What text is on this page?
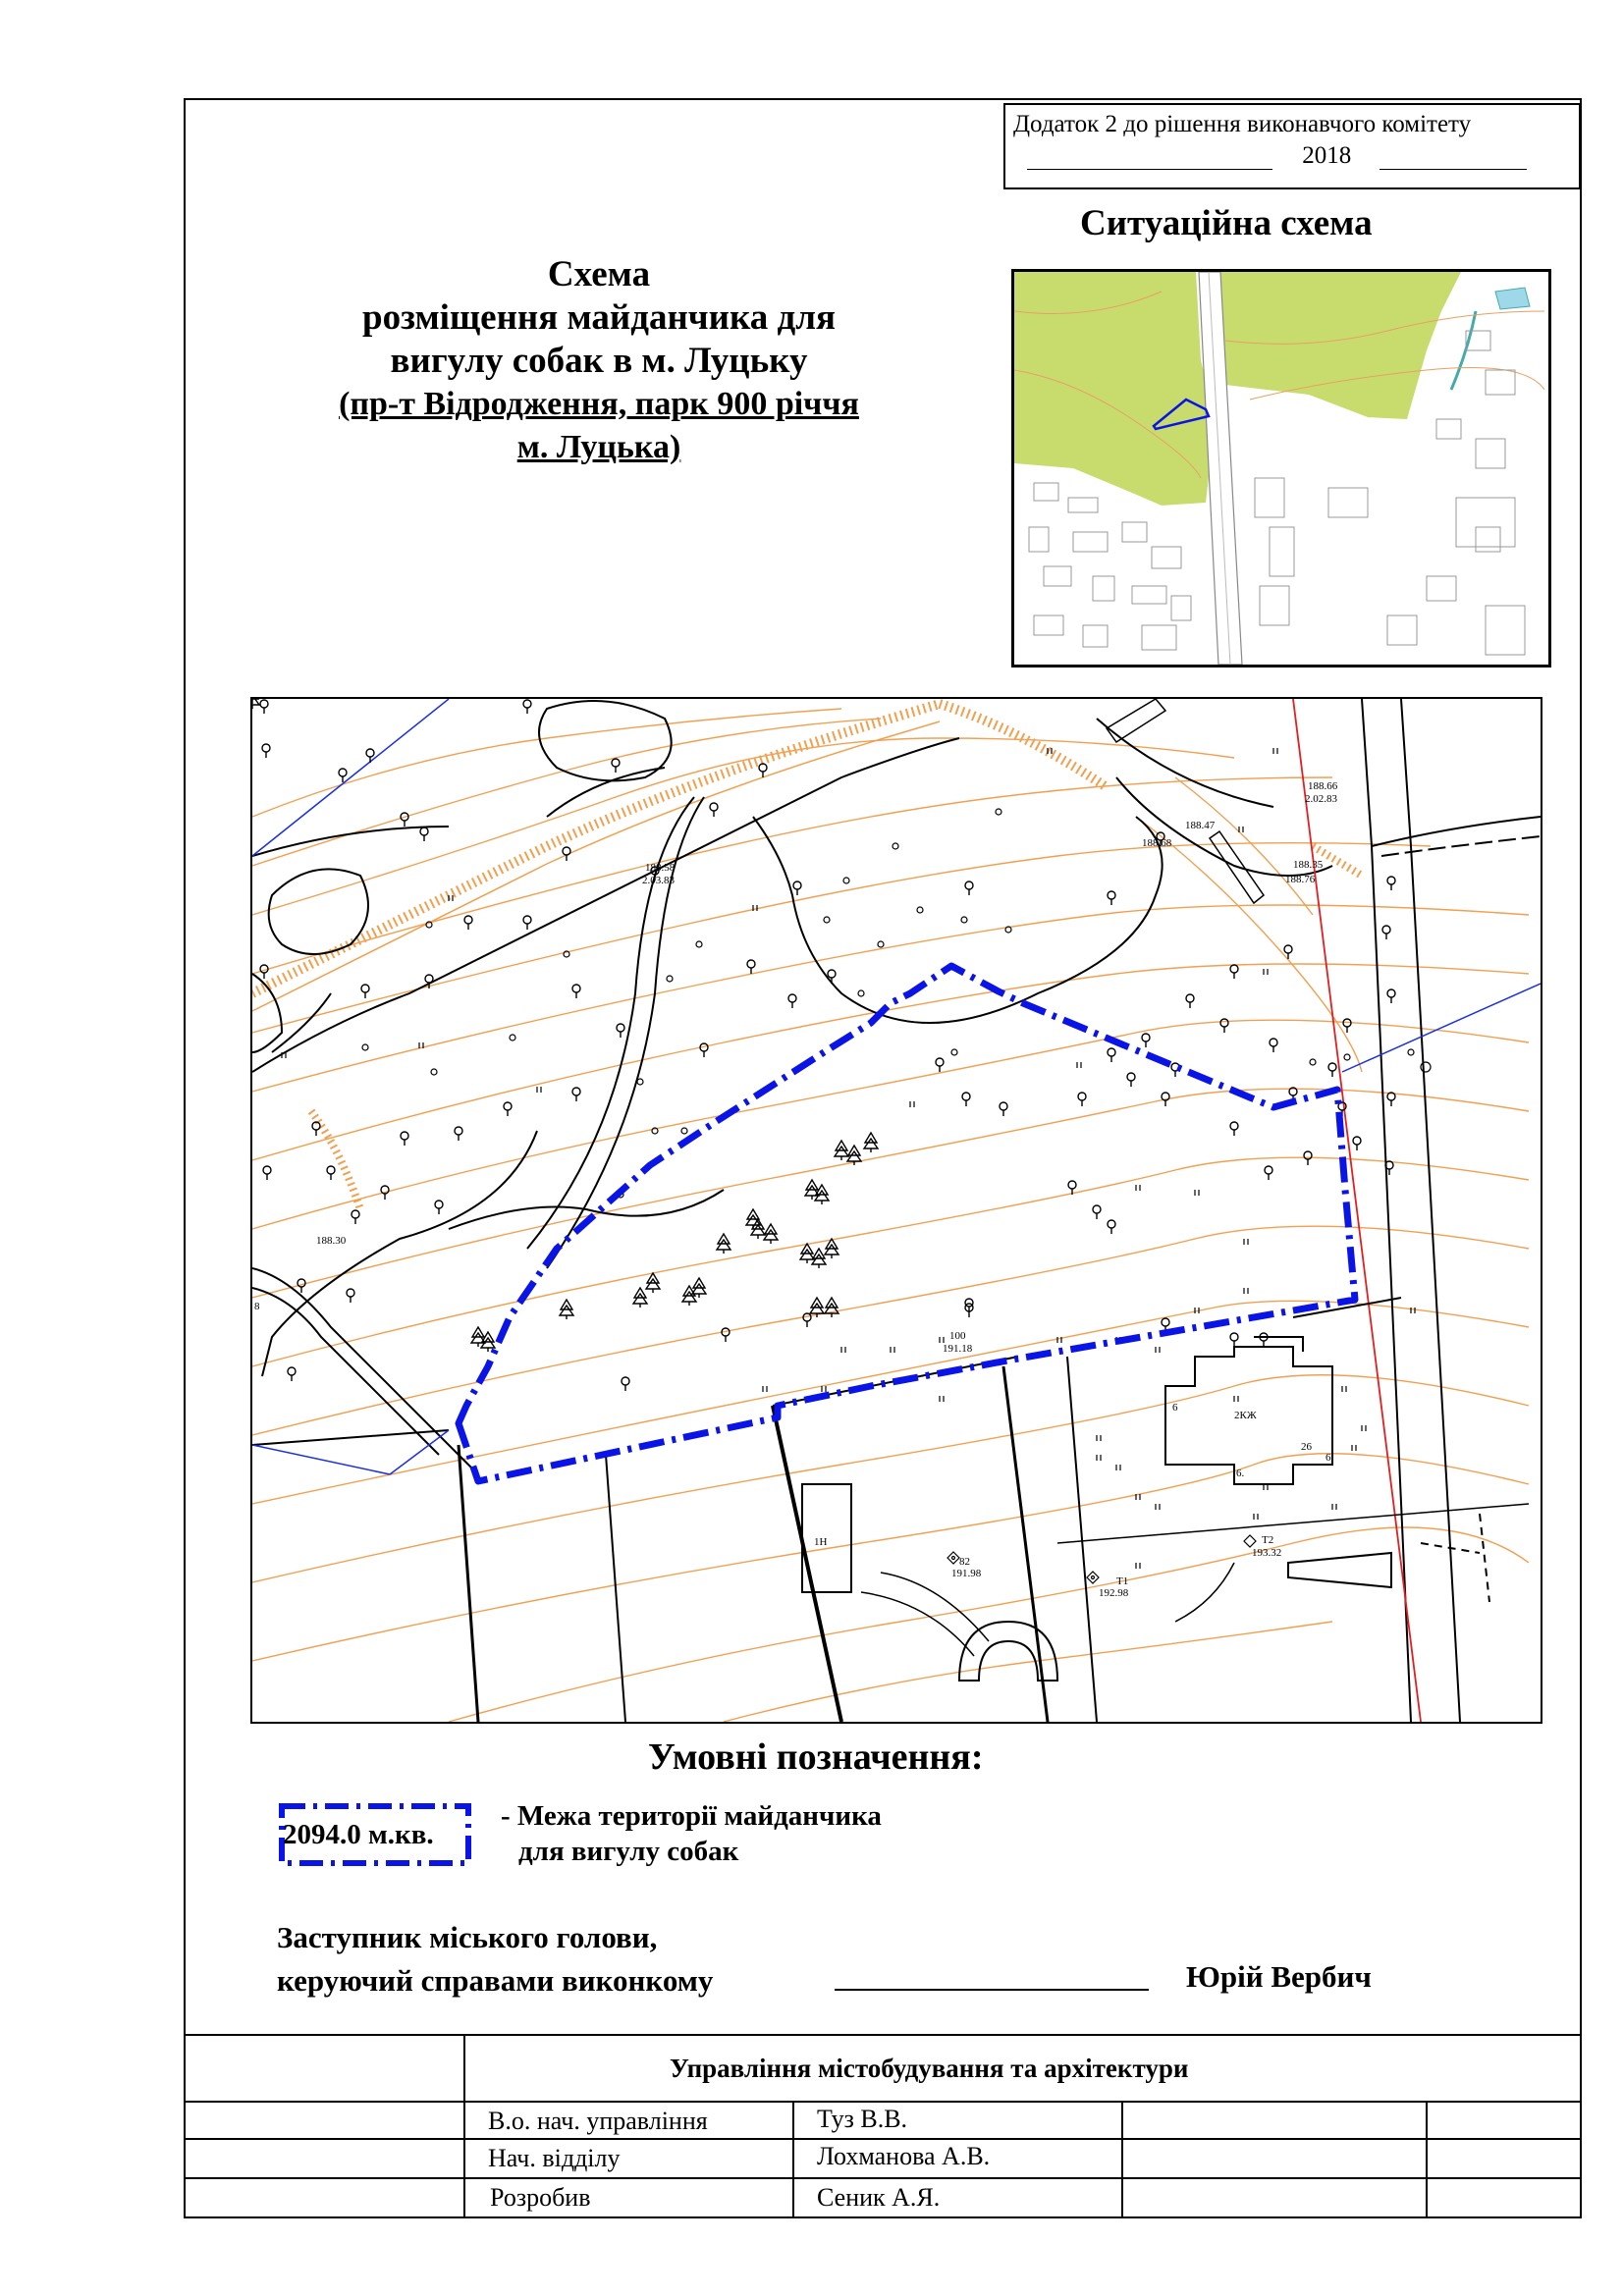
Додаток 2 до рішення виконавчого комітету
2018
Ситуаційна схема
Схема
розміщення майданчика для
вигулу собак в м. Луцьку
(пр-т Відродження, парк 900 річчя
м. Луцька)
188.58
2.03.83
188.66
2.02.83
188.47
188.68
188.35
188.76
188.30
100
191.18
2КЖ
6
26
6
6.
1Н
82
191.98
Т1
192.98
Т2
193.32
8
Умовні позначення:
2094.0 м.кв.
- Межа території майданчика
для вигулу собак
Заступник міського голови,
керуючий справами виконкому	Юрій Вербич
Управління містобудування та архітектури
В.о. нач. управління	Туз В.В.
Нач. відділу	Лохманова А.В.
Розробив	Сеник А.Я.
